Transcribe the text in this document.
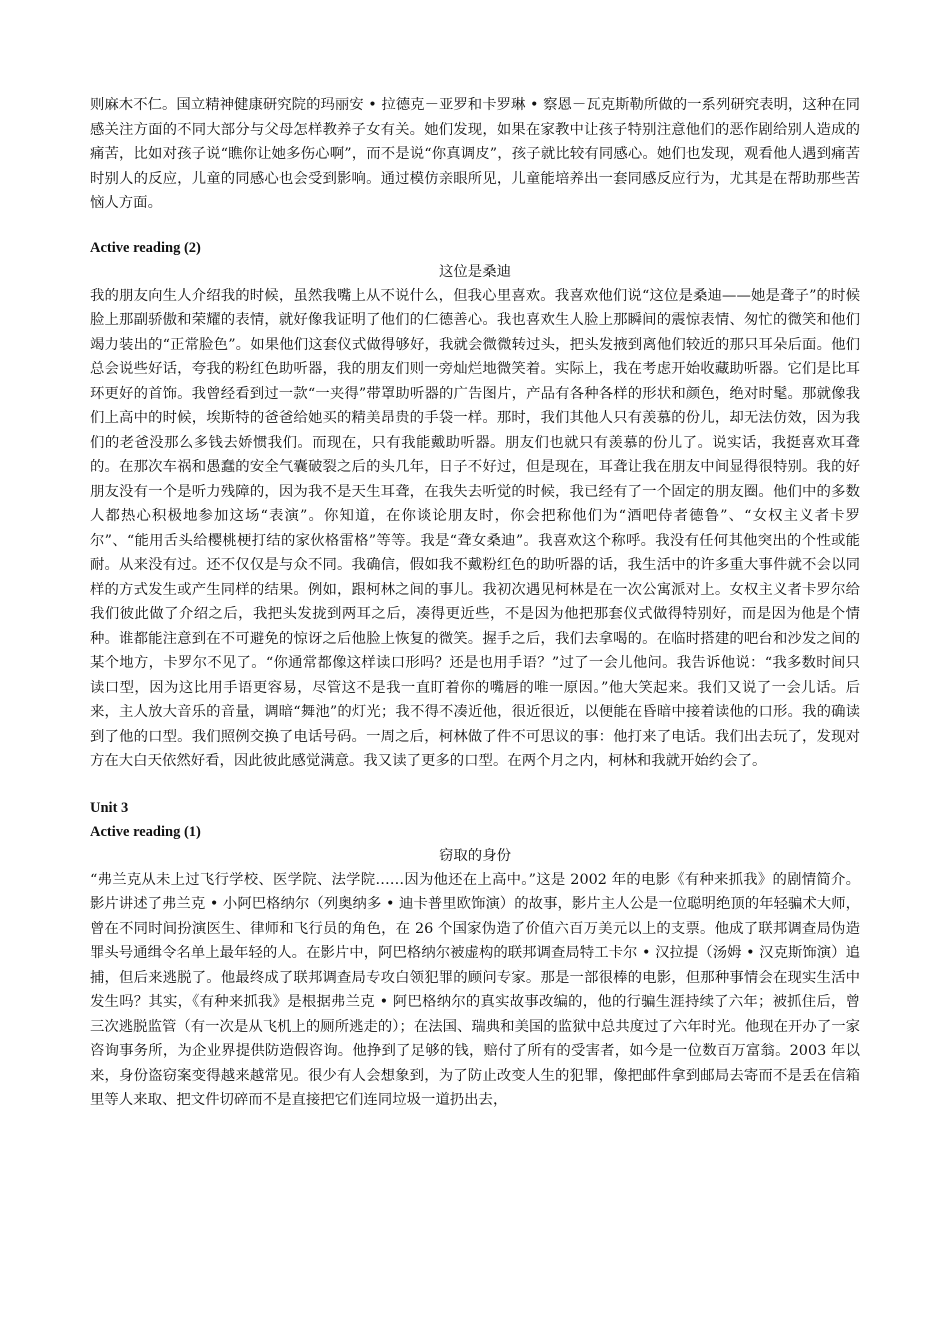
则麻木不仁。国立精神健康研究院的玛丽安 • 拉德克－亚罗和卡罗琳 • 察恩－瓦克斯勒所做的一系列研究表明，这种在同感关注方面的不同大部分与父母怎样教养子女有关。她们发现，如果在家教中让孩子特别注意他们的恶作剧给别人造成的痛苦，比如对孩子说“瞧你让她多伤心啊”，而不是说“你真调皮”，孩子就比较有同感心。她们也发现，观看他人遇到痛苦时别人的反应，儿童的同感心也会受到影响。通过模仿亲眼所见，儿童能培养出一套同感反应行为，尤其是在帮助那些苦恼人方面。

Active reading (2)

这位是桑迪

我的朋友向生人介绍我的时候，虽然我嘴上从不说什么，但我心里喜欢。我喜欢他们说“这位是桑迪——她是聋子”的时候脸上那副骄傲和荣耀的表情，就好像我证明了他们的仁德善心。我也喜欢生人脸上那瞬间的震惊表情、匆忙的微笑和他们竭力装出的“正常脸色”。如果他们这套仪式做得够好，我就会微微转过头，把头发掖到离他们较近的那只耳朵后面。他们总会说些好话，夸我的粉红色助听器，我的朋友们则一旁灿烂地微笑着。实际上，我在考虑开始收藏助听器。它们是比耳环更好的首饰。我曾经看到过一款“一夹得”带罩助听器的广告图片，产品有各种各样的形状和颜色，绝对时髦。那就像我们上高中的时候，埃斯特的爸爸给她买的精美昂贵的手袋一样。那时，我们其他人只有羡慕的份儿，却无法仿效，因为我们的老爸没那么多钱去娇惯我们。而现在，只有我能戴助听器。朋友们也就只有羡慕的份儿了。说实话，我挺喜欢耳聋的。在那次车祸和愚蠢的安全气囊破裂之后的头几年，日子不好过，但是现在，耳聋让我在朋友中间显得很特别。我的好朋友没有一个是听力残障的，因为我不是天生耳聋，在我失去听觉的时候，我已经有了一个固定的朋友圈。他们中的多数人都热心积极地参加这场“表演”。你知道，在你谈论朋友时，你会把称他们为“酒吧侍者德鲁”、“女权主义者卡罗尔”、“能用舌头给樱桃梗打结的家伙格雷格”等等。我是“聋女桑迪”。我喜欢这个称呼。我没有任何其他突出的个性或能耐。从来没有过。还不仅仅是与众不同。我确信，假如我不戴粉红色的助听器的话，我生活中的许多重大事件就不会以同样的方式发生或产生同样的结果。例如，跟柯林之间的事儿。我初次遇见柯林是在一次公寓派对上。女权主义者卡罗尔给我们彼此做了介绍之后，我把头发拢到两耳之后，凑得更近些，不是因为他把那套仪式做得特别好，而是因为他是个情种。谁都能注意到在不可避免的惊讶之后他脸上恢复的微笑。握手之后，我们去拿喝的。在临时搭建的吧台和沙发之间的某个地方，卡罗尔不见了。“你通常都像这样读口形吗？还是也用手语？”过了一会儿他问。我告诉他说：“我多数时间只读口型，因为这比用手语更容易，尽管这不是我一直盯着你的嘴唇的唯一原因。”他大笑起来。我们又说了一会儿话。后来，主人放大音乐的音量，调暗“舞池”的灯光；我不得不凑近他，很近很近，以便能在昏暗中接着读他的口形。我的确读到了他的口型。我们照例交换了电话号码。一周之后，柯林做了件不可思议的事：他打来了电话。我们出去玩了，发现对方在大白天依然好看，因此彼此感觉满意。我又读了更多的口型。在两个月之内，柯林和我就开始约会了。

Unit 3

Active reading (1)

窃取的身份

“弗兰克从未上过飞行学校、医学院、法学院……因为他还在上高中。”这是 2002 年的电影《有种来抓我》的剧情简介。影片讲述了弗兰克 • 小阿巴格纳尔（列奥纳多 • 迪卡普里欧饰演）的故事，影片主人公是一位聪明绝顶的年轻骗术大师，曾在不同时间扮演医生、律师和飞行员的角色，在 26 个国家伪造了价值六百万美元以上的支票。他成了联邦调查局伪造罪头号通缉令名单上最年轻的人。在影片中，阿巴格纳尔被虚构的联邦调查局特工卡尔 • 汉拉提（汤姆 • 汉克斯饰演）追捕，但后来逃脱了。他最终成了联邦调查局专攻白领犯罪的顾问专家。那是一部很棒的电影，但那种事情会在现实生活中发生吗？其实，《有种来抓我》是根据弗兰克 • 阿巴格纳尔的真实故事改编的，他的行骗生涯持续了六年；被抓住后，曾三次逃脱监管（有一次是从飞机上的厕所逃走的）；在法国、瑞典和美国的监狱中总共度过了六年时光。他现在开办了一家咨询事务所，为企业界提供防造假咨询。他挣到了足够的钱，赔付了所有的受害者，如今是一位数百万富翁。2003 年以来，身份盗窃案变得越来越常见。很少有人会想象到，为了防止改变人生的犯罪，像把邮件拿到邮局去寄而不是丢在信箱里等人来取、把文件切碎而不是直接把它们连同垃圾一道扔出去，
